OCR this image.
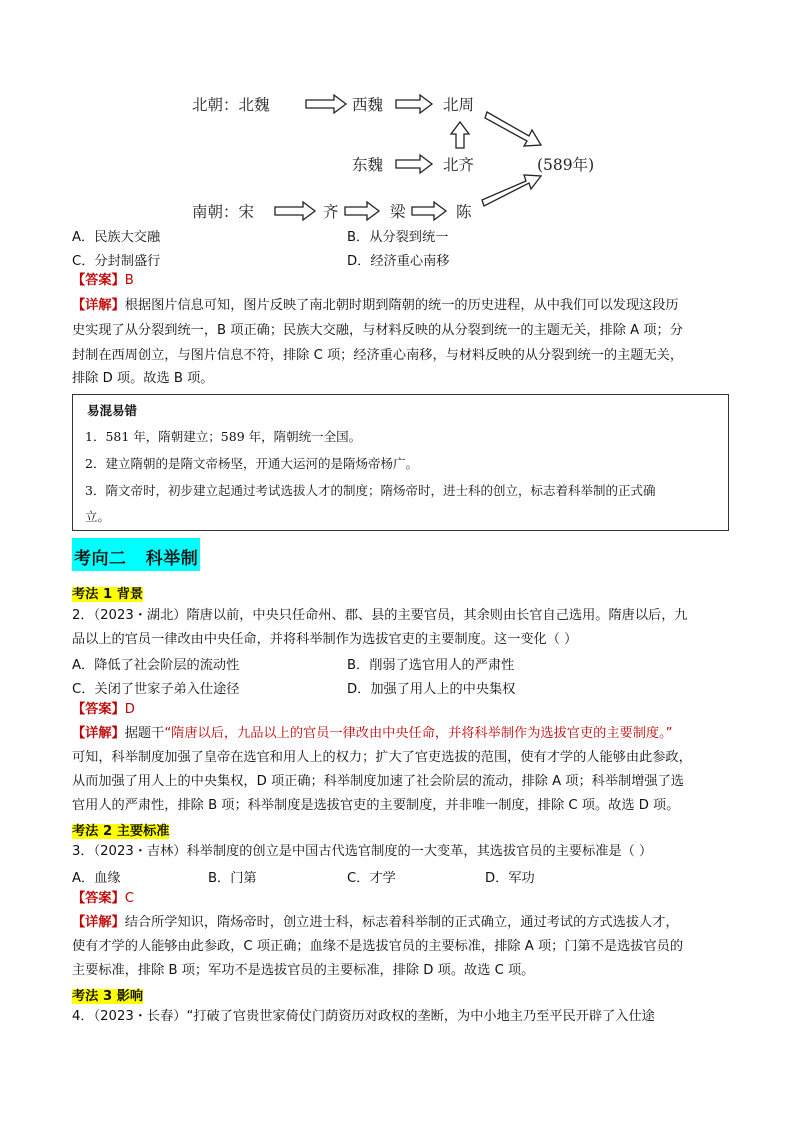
北朝：北魏	西魏	北周
东魏	北齐	(589年)
南朝：宋	齐	梁	陈
A．民族大交融	B．从分裂到统一
C．分封制盛行	D．经济重心南移
【答案】B
【详解】根据图片信息可知，图片反映了南北朝时期到隋朝的统一的历史进程，从中我们可以发现这段历
史实现了从分裂到统一，B 项正确；民族大交融，与材料反映的从分裂到统一的主题无关，排除 A 项；分
封制在西周创立，与图片信息不符，排除 C 项；经济重心南移，与材料反映的从分裂到统一的主题无关，
排除 D 项。故选 B 项。
易混易错
1．581 年，隋朝建立；589 年，隋朝统一全国。
2．建立隋朝的是隋文帝杨坚，开通大运河的是隋炀帝杨广。
3．隋文帝时，初步建立起通过考试选拔人才的制度；隋炀帝时，进士科的创立，标志着科举制的正式确
立。
考向二   科举制
考法 1 背景
2．（2023・湖北）隋唐以前，中央只任命州、郡、县的主要官员，其余则由长官自己选用。隋唐以后，九
品以上的官员一律改由中央任命，并将科举制作为选拔官吏的主要制度。这一变化（ ）
A．降低了社会阶层的流动性	B．削弱了选官用人的严肃性
C．关闭了世家子弟入仕途径	D．加强了用人上的中央集权
【答案】D
【详解】据题干“隋唐以后，九品以上的官员一律改由中央任命，并将科举制作为选拔官吏的主要制度。”
可知，科举制度加强了皇帝在选官和用人上的权力；扩大了官吏选拔的范围，使有才学的人能够由此参政，
从而加强了用人上的中央集权，D 项正确；科举制度加速了社会阶层的流动，排除 A 项；科举制增强了选
官用人的严肃性，排除 B 项；科举制度是选拔官吏的主要制度，并非唯一制度，排除 C 项。故选 D 项。
考法 2 主要标准
3．（2023・吉林）科举制度的创立是中国古代选官制度的一大变革，其选拔官员的主要标准是（ ）
A．血缘	B．门第	C．才学	D．军功
【答案】C
【详解】结合所学知识，隋炀帝时，创立进士科，标志着科举制的正式确立，通过考试的方式选拔人才，
使有才学的人能够由此参政，C 项正确；血缘不是选拔官员的主要标准，排除 A 项；门第不是选拔官员的
主要标准，排除 B 项；军功不是选拔官员的主要标准，排除 D 项。故选 C 项。
考法 3 影响
4．（2023・长春）“打破了官贵世家倚仗门荫资历对政权的垄断，为中小地主乃至平民开辟了入仕途
